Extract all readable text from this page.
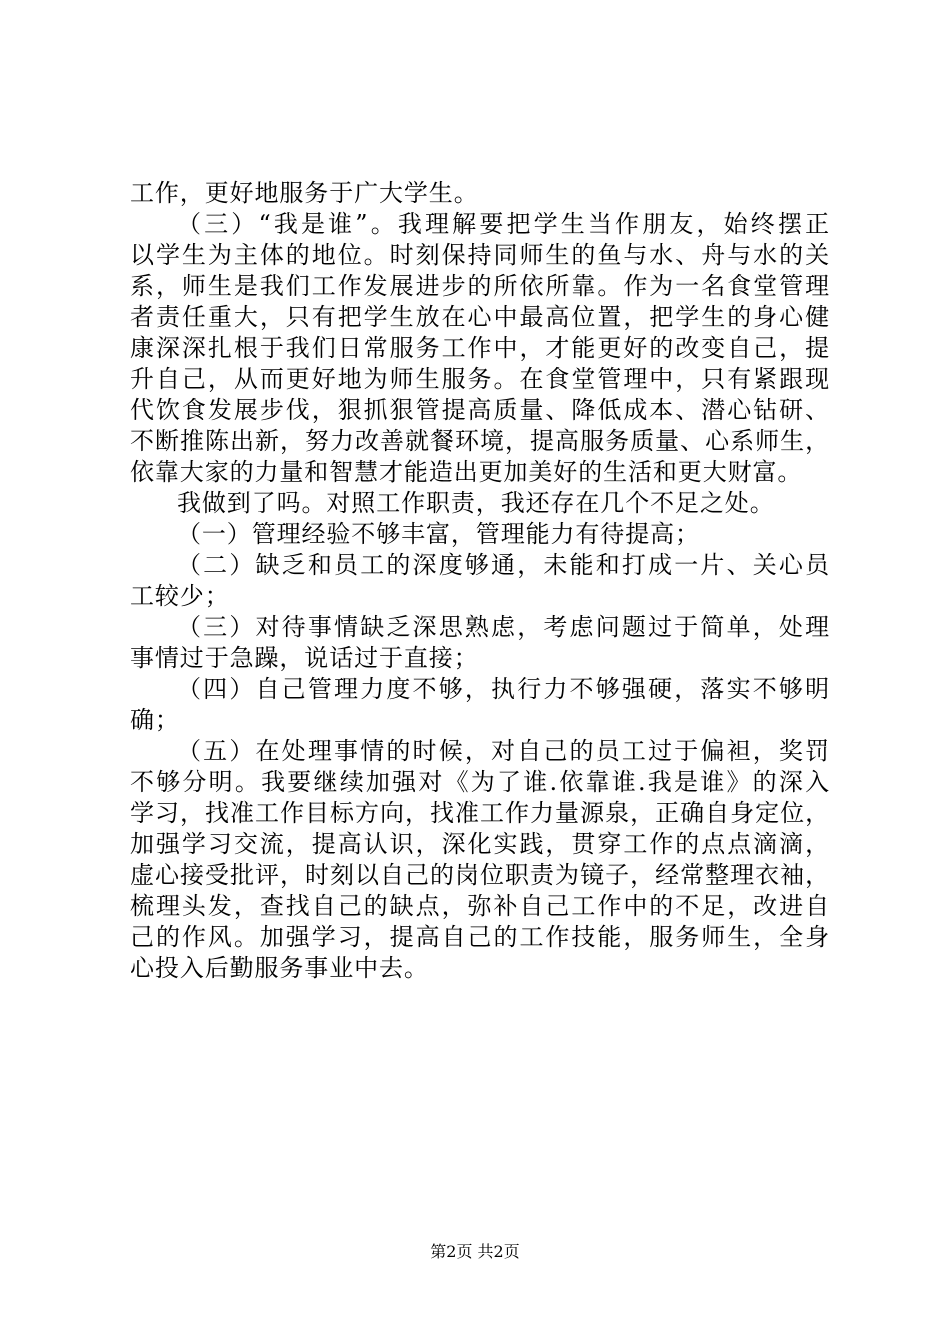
工作，更好地服务于广大学生。
（三）“我是谁”。我理解要把学生当作朋友，始终摆正
以学生为主体的地位。时刻保持同师生的鱼与水、舟与水的关
系，师生是我们工作发展进步的所依所靠。作为一名食堂管理
者责任重大，只有把学生放在心中最高位置，把学生的身心健
康深深扎根于我们日常服务工作中，才能更好的改变自己，提
升自己，从而更好地为师生服务。在食堂管理中，只有紧跟现
代饮食发展步伐，狠抓狠管提高质量、降低成本、潜心钻研、
不断推陈出新，努力改善就餐环境，提高服务质量、心系师生，
依靠大家的力量和智慧才能造出更加美好的生活和更大财富。
我做到了吗。对照工作职责，我还存在几个不足之处。
（一）管理经验不够丰富，管理能力有待提高；
（二）缺乏和员工的深度够通，未能和打成一片、关心员
工较少；
（三）对待事情缺乏深思熟虑，考虑问题过于简单，处理
事情过于急躁，说话过于直接；
（四）自己管理力度不够，执行力不够强硬，落实不够明
确；
（五）在处理事情的时候，对自己的员工过于偏袒，奖罚
不够分明。我要继续加强对《为了谁.依靠谁.我是谁》的深入
学习，找准工作目标方向，找准工作力量源泉，正确自身定位，
加强学习交流，提高认识，深化实践，贯穿工作的点点滴滴，
虚心接受批评，时刻以自己的岗位职责为镜子，经常整理衣袖，
梳理头发，查找自己的缺点，弥补自己工作中的不足，改进自
己的作风。加强学习，提高自己的工作技能，服务师生，全身
心投入后勤服务事业中去。
第2页 共2页
